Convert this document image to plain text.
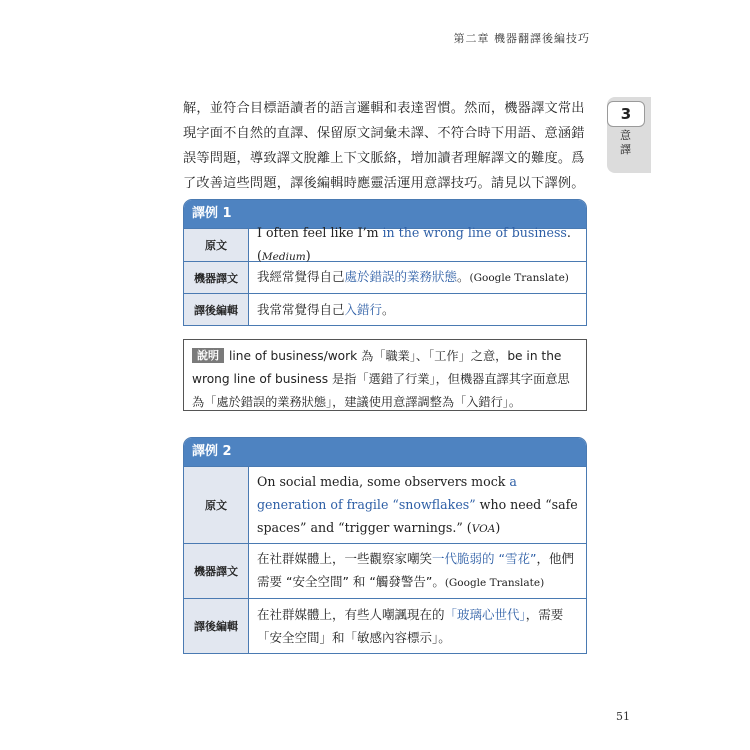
第二章 機器翻譯後編技巧
3
意譯

解，並符合目標語讀者的語言邏輯和表達習慣。然而，機器譯文常出現字面不自然的直譯、保留原文詞彙未譯、不符合時下用語、意涵錯誤等問題，導致譯文脫離上下文脈絡，增加讀者理解譯文的難度。爲了改善這些問題，譯後編輯時應靈活運用意譯技巧。請見以下譯例。

譯例 1
原文
I often feel like I’m in the wrong line of business. (Medium)
機器譯文	我經常覺得自己處於錯誤的業務狀態。(Google Translate)
譯後編輯	我常常覺得自己入錯行。
說明 line of business/work 為「職業」、「工作」之意，be in the wrong line of business 是指「選錯了行業」，但機器直譯其字面意思為「處於錯誤的業務狀態」，建議使用意譯調整為「入錯行」。
譯例 2
原文
On social media, some observers mock a generation of fragile “snowflakes” who need “safe spaces” and “trigger warnings.” (VOA)
機器譯文
在社群媒體上，一些觀察家嘲笑一代脆弱的 “雪花”，他們需要 “安全空間” 和 “觸發警告”。(Google Translate)
譯後編輯
在社群媒體上，有些人嘲諷現在的「玻璃心世代」，需要「安全空間」和「敏感內容標示」。
51
